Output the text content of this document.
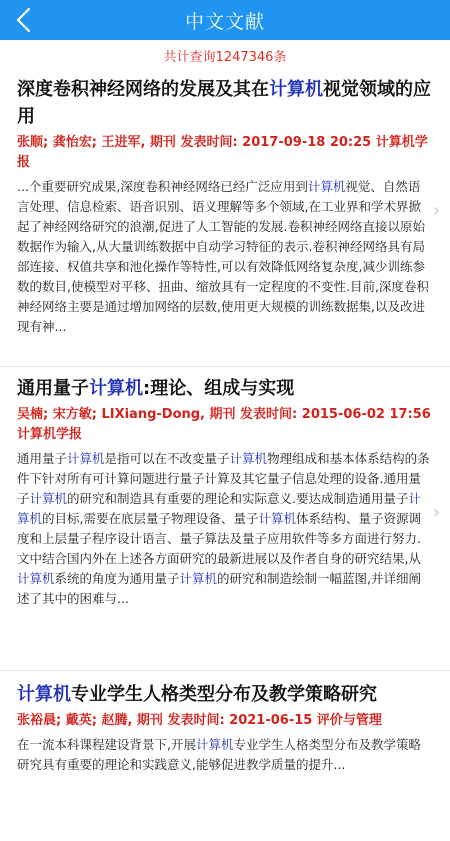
中文文献
共计查询1247346条
深度卷积神经网络的发展及其在计算机视觉领域的应用
张顺; 龚怡宏; 王进军, 期刊 发表时间: 2017-09-18 20:25 计算机学报
...个重要研究成果,深度卷积神经网络已经广泛应用到计算机视觉、自然语言处理、信息检索、语音识别、语义理解等多个领域,在工业界和学术界掀起了神经网络研究的浪潮,促进了人工智能的发展.卷积神经网络直接以原始数据作为输入,从大量训练数据中自动学习特征的表示.卷积神经网络具有局部连接、权值共享和池化操作等特性,可以有效降低网络复杂度,减少训练参数的数目,使模型对平移、扭曲、缩放具有一定程度的不变性.目前,深度卷积神经网络主要是通过增加网络的层数,使用更大规模的训练数据集,以及改进现有神...
›
通用量子计算机:理论、组成与实现
吴楠; 宋方敏; LIXiang-Dong, 期刊 发表时间: 2015-06-02 17:56 计算机学报
通用量子计算机是指可以在不改变量子计算机物理组成和基本体系结构的条件下针对所有可计算问题进行量子计算及其它量子信息处理的设备.通用量子计算机的研究和制造具有重要的理论和实际意义.要达成制造通用量子计算机的目标,需要在底层量子物理设备、量子计算机体系结构、量子资源调度和上层量子程序设计语言、量子算法及量子应用软件等多方面进行努力.文中结合国内外在上述各方面研究的最新进展以及作者自身的研究结果,从计算机系统的角度为通用量子计算机的研究和制造绘制一幅蓝图,并详细阐述了其中的困难与...
›
计算机专业学生人格类型分布及教学策略研究
张裕晨; 戴英; 赵腾, 期刊 发表时间: 2021-06-15 评价与管理
在一流本科课程建设背景下,开展计算机专业学生人格类型分布及教学策略研究具有重要的理论和实践意义,能够促进教学质量的提升...
